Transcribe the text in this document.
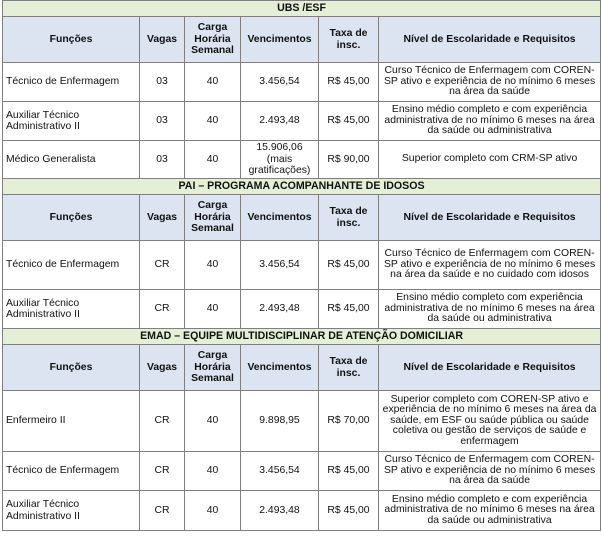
UBS /ESF					
Funções	Vagas	Carga Horária Semanal	Vencimentos	Taxa de insc.	Nível de Escolaridade e Requisitos
Técnico de Enfermagem	03	40	3.456,54	R$ 45,00	Curso Técnico de Enfermagem com COREN-SP ativo e experiência de no mínimo 6 meses na área da saúde
Auxiliar Técnico Administrativo II	03	40	2.493,48	R$ 45,00	Ensino médio completo e com experiência administrativa de no mínimo 6 meses na área da saúde ou administrativa
Médico Generalista	03	40	15.906,06 (mais gratificações)	R$ 90,00	Superior completo com CRM-SP ativo
PAI – PROGRAMA ACOMPANHANTE DE IDOSOS					
Funções	Vagas	Carga Horária Semanal	Vencimentos	Taxa de insc.	Nível de Escolaridade e Requisitos
Técnico de Enfermagem	CR	40	3.456,54	R$ 45,00	Curso Técnico de Enfermagem com COREN-SP ativo e experiência de no mínimo 6 meses na área da saúde e no cuidado com idosos
Auxiliar Técnico Administrativo II	CR	40	2.493,48	R$ 45,00	Ensino médio completo com experiência administrativa de no mínimo 6 meses na área da saúde ou administrativa
EMAD – EQUIPE MULTIDISCIPLINAR DE ATENÇÃO DOMICILIAR					
Funções	Vagas	Carga Horária Semanal	Vencimentos	Taxa de insc.	Nível de Escolaridade e Requisitos
Enfermeiro II	CR	40	9.898,95	R$ 70,00	Superior completo com COREN-SP ativo e experiência de no mínimo 6 meses na área da saúde, em ESF ou saúde pública ou saúde coletiva ou gestão de serviços de saúde e enfermagem
Técnico de Enfermagem	CR	40	3.456,54	R$ 45,00	Curso Técnico de Enfermagem com COREN-SP ativo e experiência de no mínimo 6 meses na área da saúde
Auxiliar Técnico Administrativo II	CR	40	2.493,48	R$ 45,00	Ensino médio completo e com experiência administrativa de no mínimo 6 meses na área da saúde ou administrativa
